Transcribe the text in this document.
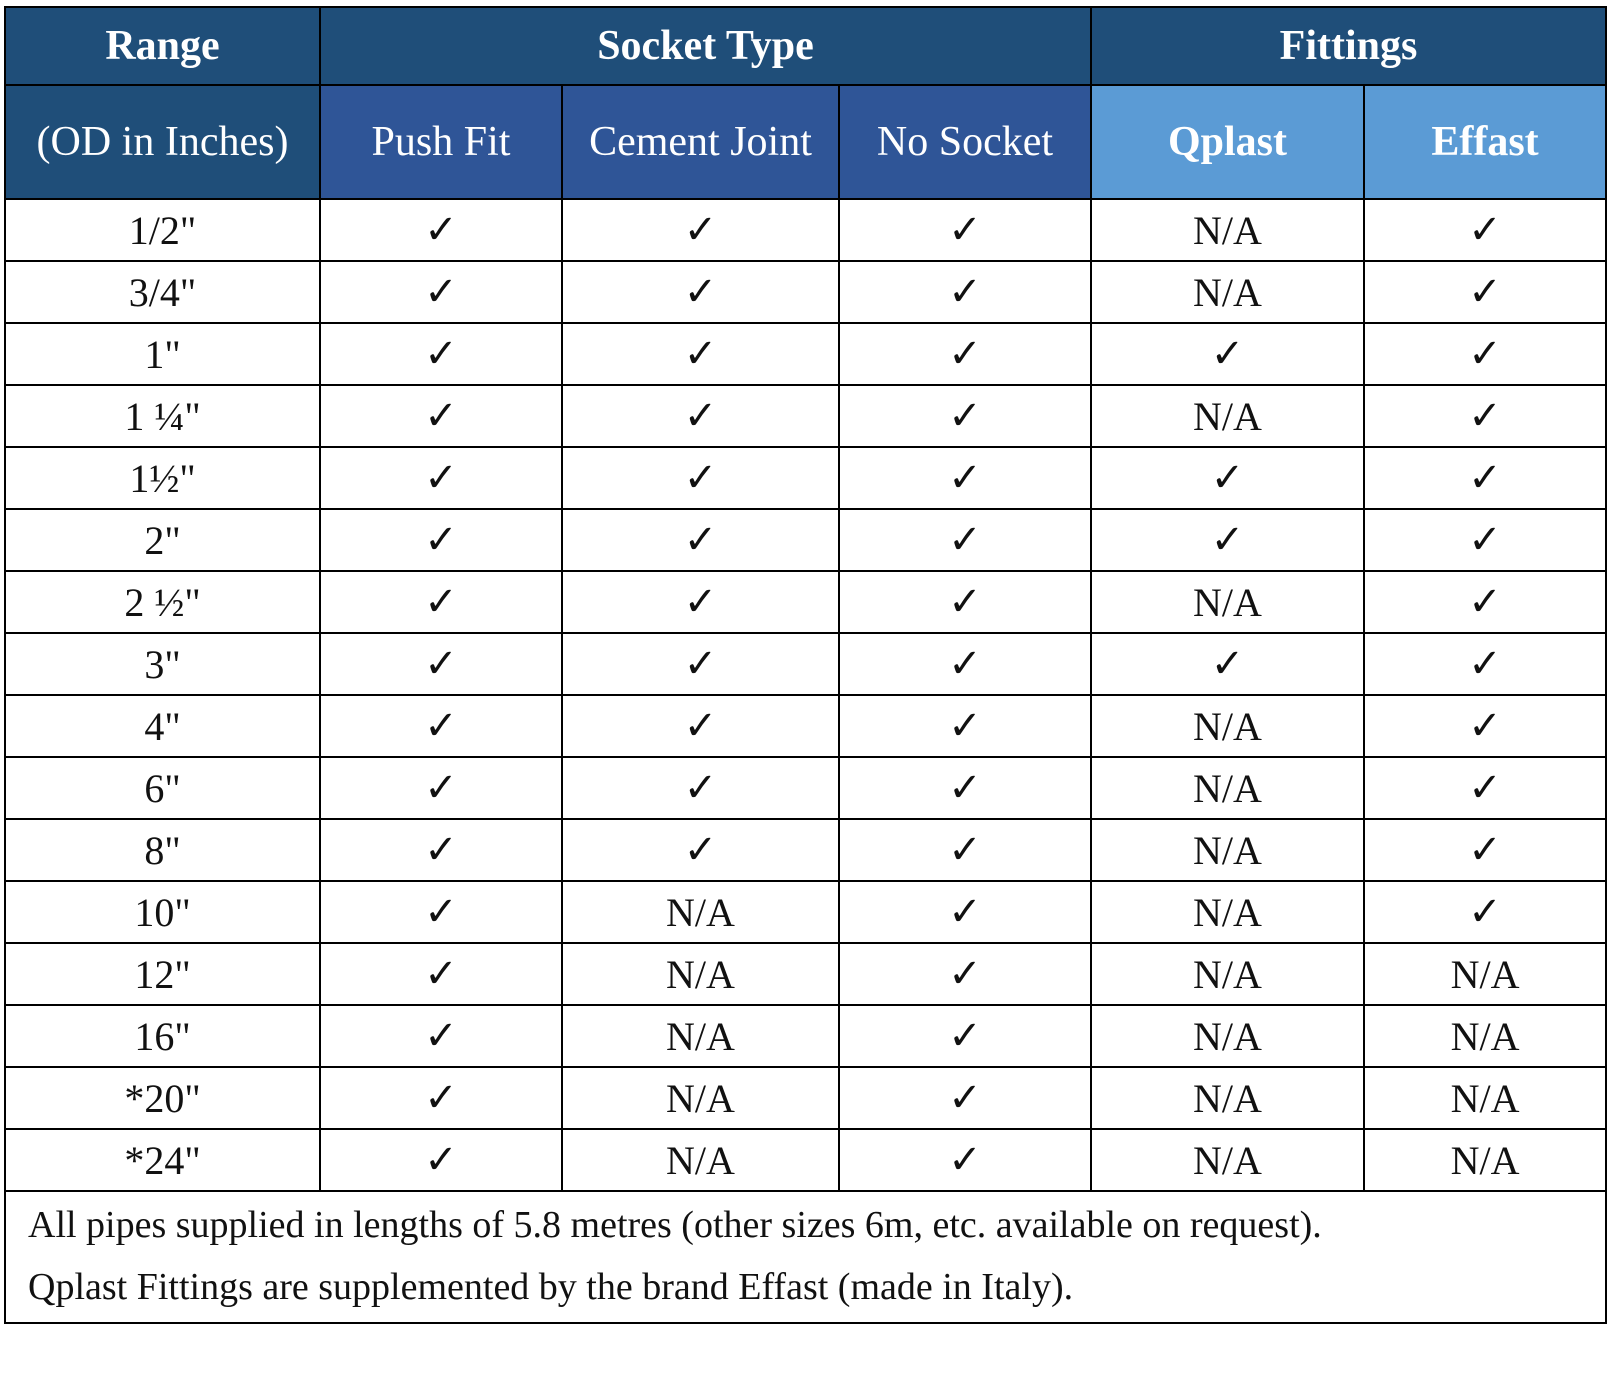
Range	Socket Type			Fittings	
(OD in Inches)	Push Fit	Cement Joint	No Socket	Qplast	Effast
1/2"	✓	✓	✓	N/A	✓
3/4"	✓	✓	✓	N/A	✓
1"	✓	✓	✓	✓	✓
1 ¼"	✓	✓	✓	N/A	✓
1½"	✓	✓	✓	✓	✓
2"	✓	✓	✓	✓	✓
2 ½"	✓	✓	✓	N/A	✓
3"	✓	✓	✓	✓	✓
4"	✓	✓	✓	N/A	✓
6"	✓	✓	✓	N/A	✓
8"	✓	✓	✓	N/A	✓
10"	✓	N/A	✓	N/A	✓
12"	✓	N/A	✓	N/A	N/A
16"	✓	N/A	✓	N/A	N/A
*20"	✓	N/A	✓	N/A	N/A
*24"	✓	N/A	✓	N/A	N/A

All pipes supplied in lengths of 5.8 metres (other sizes 6m, etc. available on request).
Qplast Fittings are supplemented by the brand Effast (made in Italy).					
